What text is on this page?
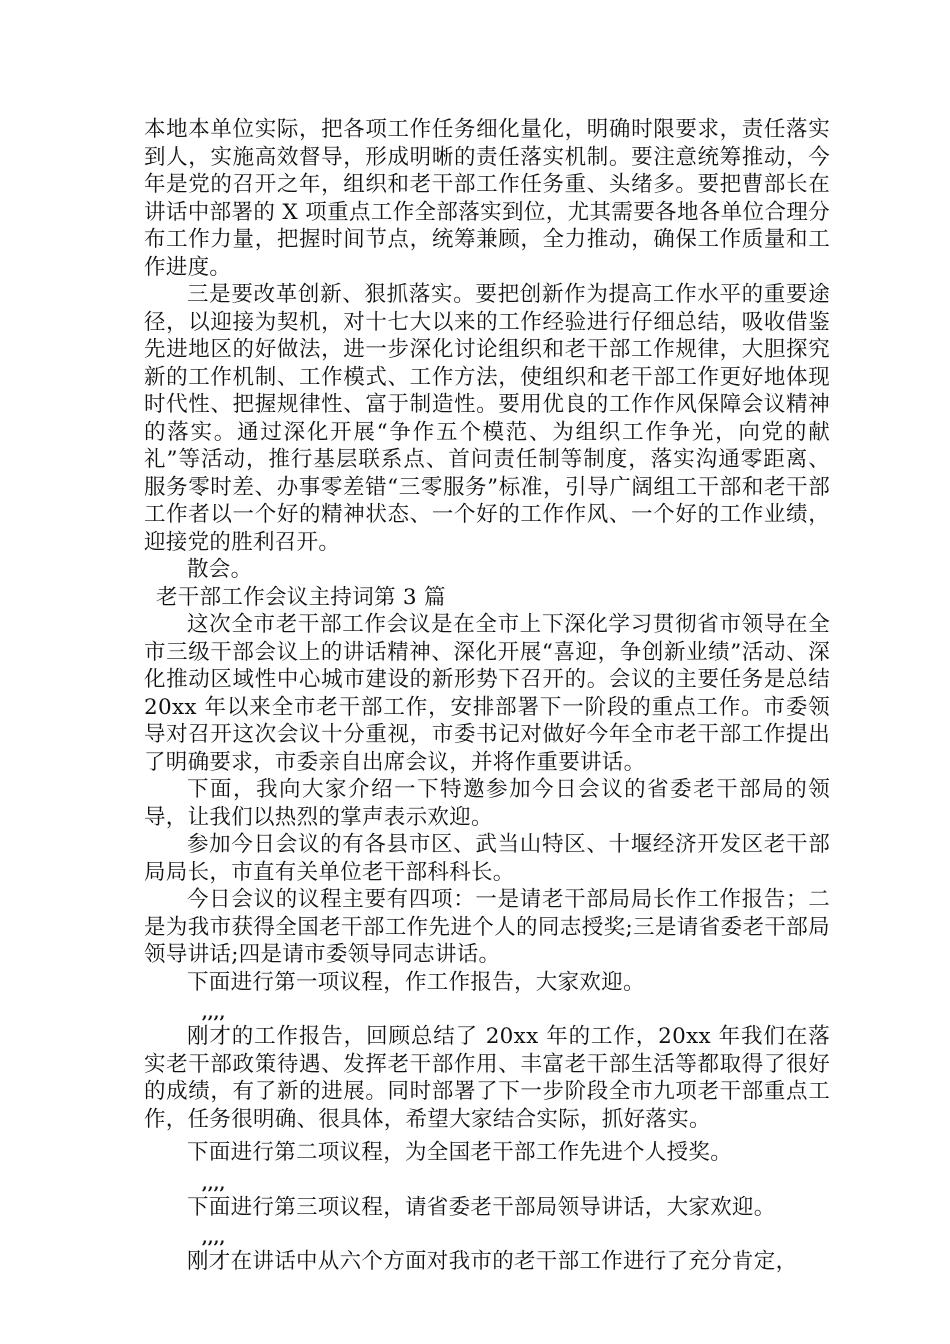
本地本单位实际，把各项工作任务细化量化，明确时限要求，责任落实到人，实施高效督导，形成明晰的责任落实机制。要注意统筹推动，今年是党的召开之年，组织和老干部工作任务重、头绪多。要把曹部长在讲话中部署的 X 项重点工作全部落实到位，尤其需要各地各单位合理分布工作力量，把握时间节点，统筹兼顾，全力推动，确保工作质量和工作进度。

三是要改革创新、狠抓落实。要把创新作为提高工作水平的重要途径，以迎接为契机，对十七大以来的工作经验进行仔细总结，吸收借鉴先进地区的好做法，进一步深化讨论组织和老干部工作规律，大胆探究新的工作机制、工作模式、工作方法，使组织和老干部工作更好地体现时代性、把握规律性、富于制造性。要用优良的工作作风保障会议精神的落实。通过深化开展“争作五个模范、为组织工作争光，向党的献礼”等活动，推行基层联系点、首问责任制等制度，落实沟通零距离、服务零时差、办事零差错“三零服务”标准，引导广阔组工干部和老干部工作者以一个好的精神状态、一个好的工作作风、一个好的工作业绩，迎接党的胜利召开。

散会。

老干部工作会议主持词第 3 篇

这次全市老干部工作会议是在全市上下深化学习贯彻省市领导在全市三级干部会议上的讲话精神、深化开展“喜迎，争创新业绩”活动、深化推动区域性中心城市建设的新形势下召开的。会议的主要任务是总结 20xx 年以来全市老干部工作，安排部署下一阶段的重点工作。市委领导对召开这次会议十分重视，市委书记对做好今年全市老干部工作提出了明确要求，市委亲自出席会议，并将作重要讲话。

下面，我向大家介绍一下特邀参加今日会议的省委老干部局的领导，让我们以热烈的掌声表示欢迎。

参加今日会议的有各县市区、武当山特区、十堰经济开发区老干部局局长，市直有关单位老干部科科长。

今日会议的议程主要有四项：一是请老干部局局长作工作报告；二是为我市获得全国老干部工作先进个人的同志授奖;三是请省委老干部局领导讲话;四是请市委领导同志讲话。

下面进行第一项议程，作工作报告，大家欢迎。

,,,,

刚才的工作报告，回顾总结了 20xx 年的工作，20xx 年我们在落实老干部政策待遇、发挥老干部作用、丰富老干部生活等都取得了很好的成绩，有了新的进展。同时部署了下一步阶段全市九项老干部重点工作，任务很明确、很具体，希望大家结合实际，抓好落实。

下面进行第二项议程，为全国老干部工作先进个人授奖。

,,,,

下面进行第三项议程，请省委老干部局领导讲话，大家欢迎。

,,,,

刚才在讲话中从六个方面对我市的老干部工作进行了充分肯定，
